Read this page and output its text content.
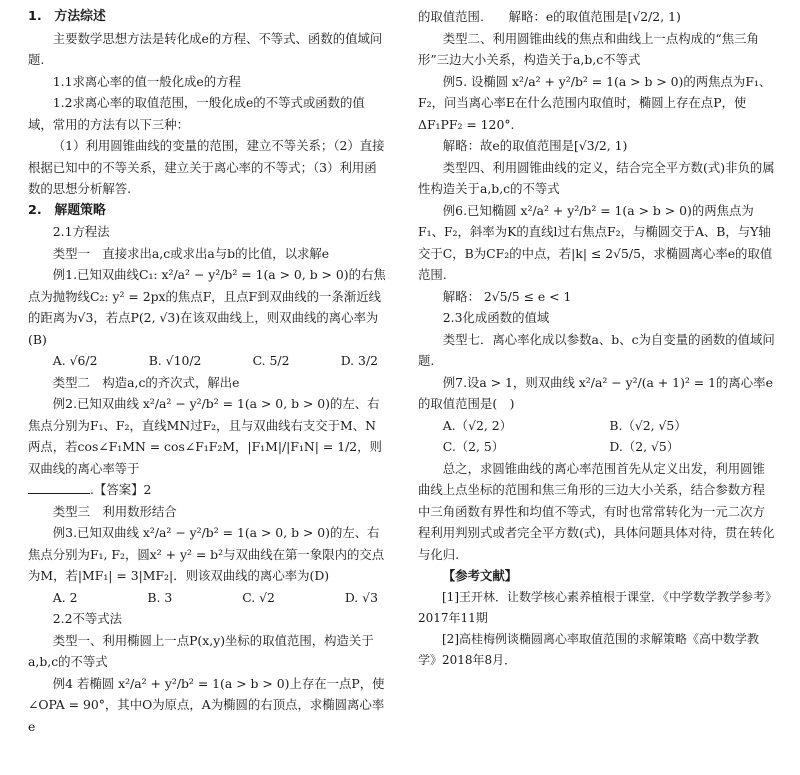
1.　方法综述

主要数学思想方法是转化成e的方程、不等式、函数的值域问题.

1.1求离心率的值一般化成e的方程

1.2求离心率的取值范围，一般化成e的不等式或函数的值域，常用的方法有以下三种：

（1）利用圆锥曲线的变量的范围，建立不等关系；（2）直接根据已知中的不等关系，建立关于离心率的不等式；（3）利用函数的思想分析解答.

2.　解题策略

2.1方程法

类型一　直接求出a,c或求出a与b的比值，以求解e

例1.已知双曲线C₁: x²/a² − y²/b² = 1(a > 0, b > 0)的右焦点为抛物线C₂: y² = 2px的焦点F，且点F到双曲线的一条渐近线的距离为√3，若点P(2, √3)在该双曲线上，则双曲线的离心率为(B)

A. √6/2	B. √10/2	C. 5/2	D. 3/2

类型二　构造a,c的齐次式，解出e

例2.已知双曲线 x²/a² − y²/b² = 1(a > 0, b > 0)的左、右焦点分别为F₁、F₂，直线MN过F₂，且与双曲线右支交于M、N两点，若cos∠F₁MN = cos∠F₁F₂M，|F₁M|/|F₁N| = 1/2，则双曲线的离心率等于

.【答案】2

类型三　利用数形结合

例3.已知双曲线 x²/a² − y²/b² = 1(a > 0, b > 0)的左、右焦点分别为F₁, F₂，圆x² + y² = b²与双曲线在第一象限内的交点为M，若|MF₁| = 3|MF₂|．则该双曲线的离心率为(D)

A. 2	B. 3	C. √2	D. √3

2.2不等式法

类型一、利用椭圆上一点P(x,y)坐标的取值范围，构造关于a,b,c的不等式

例4 若椭圆 x²/a² + y²/b² = 1(a > b > 0)上存在一点P，使∠OPA = 90°，其中O为原点，A为椭圆的右顶点，求椭圆离心率e

的取值范围.　　解略：e的取值范围是[√2/2, 1)

类型二、利用圆锥曲线的焦点和曲线上一点构成的“焦三角形”三边大小关系，构造关于a,b,c不等式

例5. 设椭圆 x²/a² + y²/b² = 1(a > b > 0)的两焦点为F₁、F₂，问当离心率E在什么范围内取值时，椭圆上存在点P，使ΔF₁PF₂ = 120°.

解略：故e的取值范围是[√3/2, 1)

类型四、利用圆锥曲线的定义，结合完全平方数(式)非负的属性构造关于a,b,c的不等式

例6.已知椭圆 x²/a² + y²/b² = 1(a > b > 0)的两焦点为F₁、F₂，斜率为K的直线l过右焦点F₂，与椭圆交于A、B，与Y轴交于C，B为CF₂的中点，若|k| ≤ 2√5/5，求椭圆离心率e的取值范围.

解略： 2√5/5 ≤ e < 1

2.3化成函数的值域

类型七．离心率化成以参数a、b、c为自变量的函数的值域问题.

例7.设a > 1，则双曲线 x²/a² − y²/(a + 1)² = 1的离心率e的取值范围是(　)

A.（√2, 2）	B.（√2, √5）
C.（2, 5）	D.（2, √5）

总之，求圆锥曲线的离心率范围首先从定义出发，利用圆锥曲线上点坐标的范围和焦三角形的三边大小关系，结合参数方程中三角函数有界性和均值不等式，有时也常常转化为一元二次方程利用判别式或者完全平方数(式)，具体问题具体对待，贯在转化与化归.

【参考文献】

[1]王开林．让数学核心素养植根于课堂．《中学数学教学参考》2017年11期

[2]高桂梅例谈椭圆离心率取值范围的求解策略《高中数学教学》2018年8月．
